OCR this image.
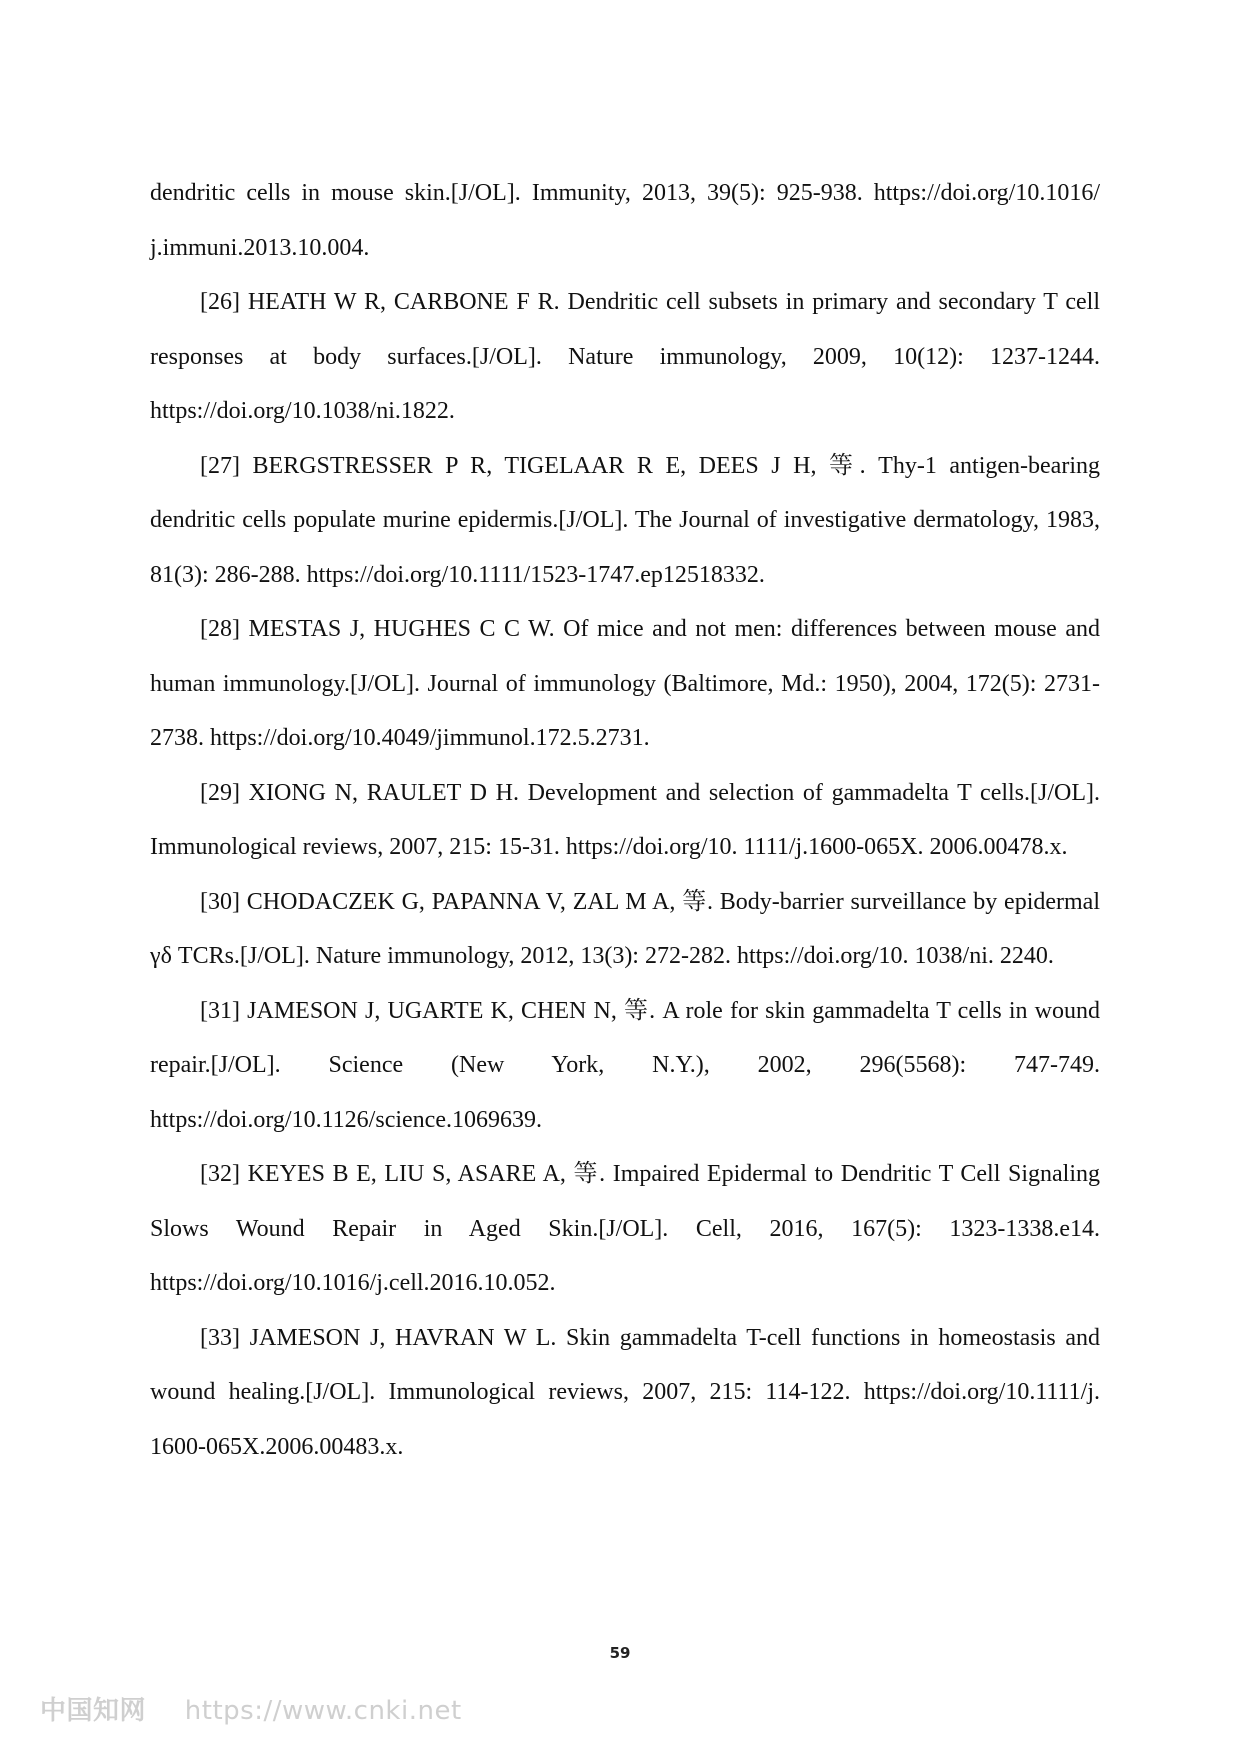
dendritic cells in mouse skin.[J/OL]. Immunity, 2013, 39(5): 925-938. https://doi.org/10.1016/ j.immuni.2013.10.004.

[26] HEATH W R, CARBONE F R. Dendritic cell subsets in primary and secondary T cell responses at body surfaces.[J/OL]. Nature immunology, 2009, 10(12): 1237-1244. https://doi.org/10.1038/ni.1822.

[27] BERGSTRESSER P R, TIGELAAR R E, DEES J H, 等. Thy-1 antigen-bearing dendritic cells populate murine epidermis.[J/OL]. The Journal of investigative dermatology, 1983, 81(3): 286-288. https://doi.org/10.1111/1523-1747.ep12518332.

[28] MESTAS J, HUGHES C C W. Of mice and not men: differences between mouse and human immunology.[J/OL]. Journal of immunology (Baltimore, Md.: 1950), 2004, 172(5): 2731-2738. https://doi.org/10.4049/jimmunol.172.5.2731.

[29] XIONG N, RAULET D H. Development and selection of gammadelta T cells.[J/OL]. Immunological reviews, 2007, 215: 15-31. https://doi.org/10. 1111/j.1600-065X. 2006.00478.x.

[30] CHODACZEK G, PAPANNA V, ZAL M A, 等. Body-barrier surveillance by epidermal γδ TCRs.[J/OL]. Nature immunology, 2012, 13(3): 272-282. https://doi.org/10. 1038/ni. 2240.

[31] JAMESON J, UGARTE K, CHEN N, 等. A role for skin gammadelta T cells in wound repair.[J/OL]. Science (New York, N.Y.), 2002, 296(5568): 747-749. https://doi.org/10.1126/science.1069639.

[32] KEYES B E, LIU S, ASARE A, 等. Impaired Epidermal to Dendritic T Cell Signaling Slows Wound Repair in Aged Skin.[J/OL]. Cell, 2016, 167(5): 1323-1338.e14. https://doi.org/10.1016/j.cell.2016.10.052.

[33] JAMESON J, HAVRAN W L. Skin gammadelta T-cell functions in homeostasis and wound healing.[J/OL]. Immunological reviews, 2007, 215: 114-122. https://doi.org/10.1111/j. 1600-065X.2006.00483.x.

59
中国知网 https://www.cnki.net
